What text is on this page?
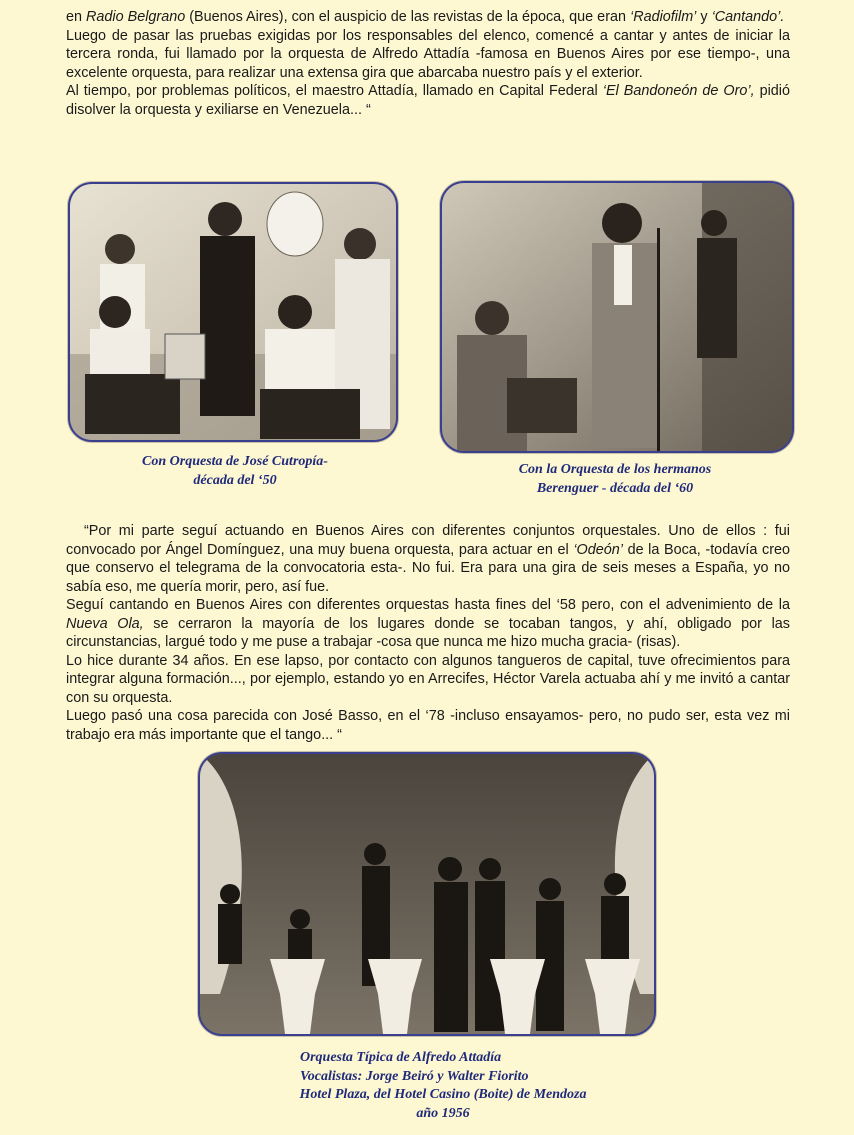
en Radio Belgrano (Buenos Aires), con el auspicio de las revistas de la época, que eran ‘Radiofilm’ y ‘Cantando’.

Luego de pasar las pruebas exigidas por los responsables del elenco, comencé a cantar y antes de iniciar la tercera ronda, fui llamado por la orquesta de Alfredo Attadía -famosa en Buenos Aires por ese tiempo-, una excelente orquesta, para realizar una extensa gira que abarcaba nuestro país y el exterior.

Al tiempo, por problemas políticos, el maestro Attadía, llamado en Capital Federal ‘El Bandoneón de Oro’, pidió disolver la orquesta y exiliarse en Venezuela... “

Con Orquesta de José Cutropía-
década del ‘50

Con la Orquesta de los hermanos
Berenguer - década del ‘60

“Por mi parte seguí actuando en Buenos Aires con diferentes conjuntos orquestales. Uno de ellos : fui convocado por Ángel Domínguez, una muy buena orquesta, para actuar en el ‘Odeón’ de la Boca, -todavía creo que conservo el telegrama de la convocatoria esta-. No fui. Era para una gira de seis meses a España, yo no sabía eso, me quería morir, pero, así fue.

Seguí cantando en Buenos Aires con diferentes orquestas hasta fines del ‘58 pero, con el advenimiento de la Nueva Ola, se cerraron la mayoría de los lugares donde se tocaban tangos, y ahí, obligado por las circunstancias, largué todo y me puse a trabajar -cosa que nunca me hizo mucha gracia- (risas).

Lo hice durante 34 años. En ese lapso, por contacto con algunos tangueros de capital, tuve ofrecimientos para integrar alguna formación..., por ejemplo, estando yo en Arrecifes, Héctor Varela actuaba ahí y me invitó a cantar con su orquesta.

Luego pasó una cosa parecida con José Basso, en el ‘78 -incluso ensayamos- pero, no pudo ser, esta vez mi trabajo era más importante que el tango... “

Orquesta Típica de Alfredo Attadía
Vocalistas: Jorge Beiró y Walter Fiorito
Hotel Plaza, del Hotel Casino (Boite) de Mendoza
año 1956
